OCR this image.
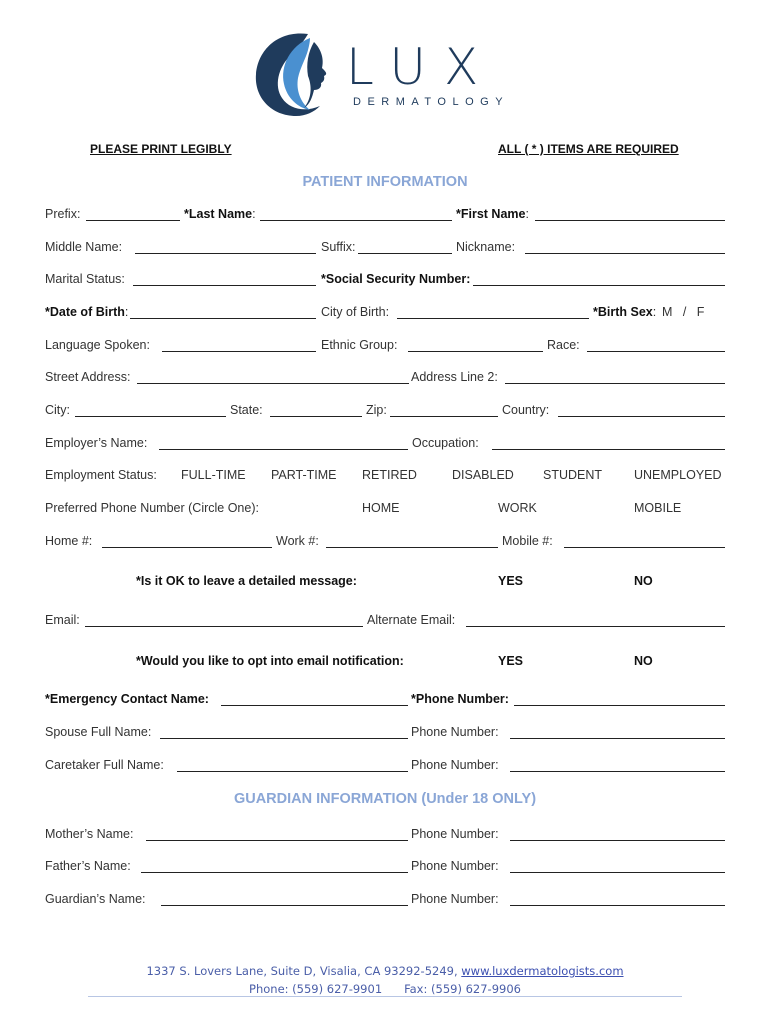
LUX
DERMATOLOGY
PLEASE PRINT LEGIBLY	ALL ( * ) ITEMS ARE REQUIRED
PATIENT INFORMATION
Prefix:	*Last Name:	*First Name:
Middle Name:	Suffix:	Nickname:
Marital Status:	*Social Security Number:
*Date of Birth:	City of Birth:	*Birth Sex: M   /   F
Language Spoken:	Ethnic Group:	Race:
Street Address:	Address Line 2:
City:	State:	Zip:	Country:
Employer’s Name:	Occupation:
Employment Status: FULL-TIME PART-TIME RETIRED	DISABLED STUDENT	UNEMPLOYED
Preferred Phone Number (Circle One):	HOME	WORK	MOBILE
Home #:	Work #:	Mobile #:
*Is it OK to leave a detailed message:	YES	NO
Email:	Alternate Email:
*Would you like to opt into email notification:	YES	NO
*Emergency Contact Name:	*Phone Number:
Spouse Full Name:	Phone Number:
Caretaker Full Name:	Phone Number:
GUARDIAN INFORMATION (Under 18 ONLY)
Mother’s Name:	Phone Number:
Father’s Name:	Phone Number:
Guardian’s Name:	Phone Number:
1337 S. Lovers Lane, Suite D, Visalia, CA 93292-5249, www.luxdermatologists.com
Phone: (559) 627-9901 Fax: (559) 627-9906
